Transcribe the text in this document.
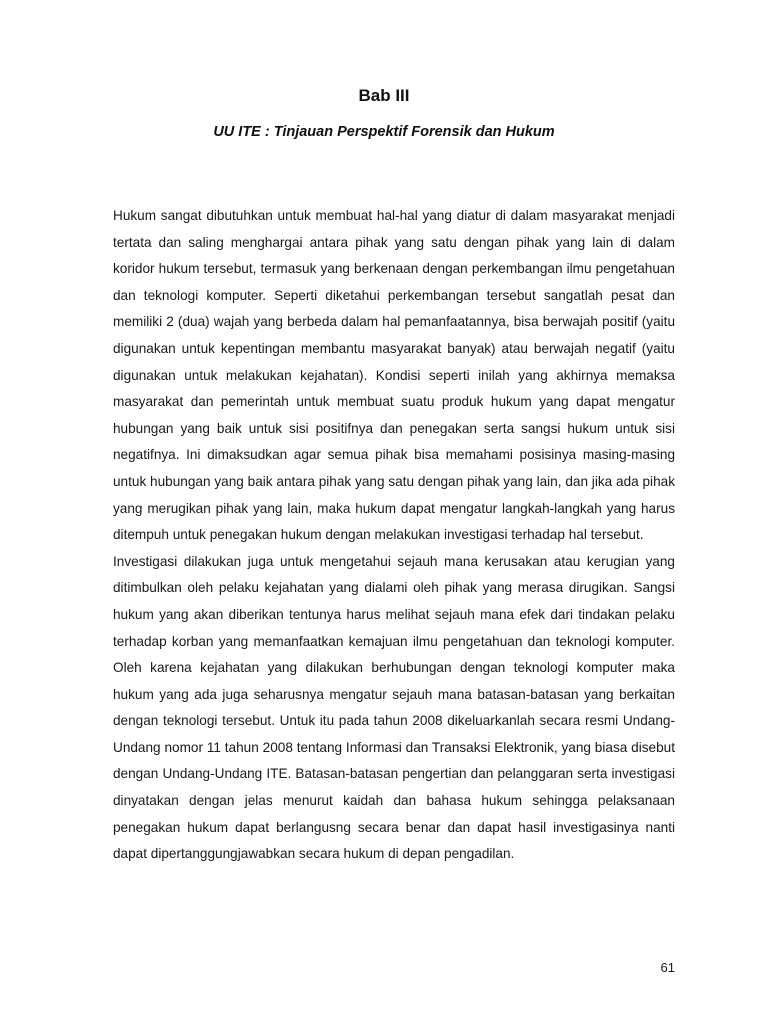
Bab III
UU ITE : Tinjauan Perspektif Forensik dan Hukum

Hukum sangat dibutuhkan untuk membuat hal-hal yang diatur di dalam masyarakat menjadi tertata dan saling menghargai antara pihak yang satu dengan pihak yang lain di dalam koridor hukum tersebut, termasuk yang berkenaan dengan perkembangan ilmu pengetahuan dan teknologi komputer. Seperti diketahui perkembangan tersebut sangatlah pesat dan memiliki 2 (dua) wajah yang berbeda dalam hal pemanfaatannya, bisa berwajah positif (yaitu digunakan untuk kepentingan membantu masyarakat banyak) atau berwajah negatif (yaitu digunakan untuk melakukan kejahatan). Kondisi seperti inilah yang akhirnya memaksa masyarakat dan pemerintah untuk membuat suatu produk hukum yang dapat mengatur hubungan yang baik untuk sisi positifnya dan penegakan serta sangsi hukum untuk sisi negatifnya. Ini dimaksudkan agar semua pihak bisa memahami posisinya masing-masing untuk hubungan yang baik antara pihak yang satu dengan pihak yang lain, dan jika ada pihak yang merugikan pihak yang lain, maka hukum dapat mengatur langkah-langkah yang harus ditempuh untuk penegakan hukum dengan melakukan investigasi terhadap hal tersebut.

Investigasi dilakukan juga untuk mengetahui sejauh mana kerusakan atau kerugian yang ditimbulkan oleh pelaku kejahatan yang dialami oleh pihak yang merasa dirugikan. Sangsi hukum yang akan diberikan tentunya harus melihat sejauh mana efek dari tindakan pelaku terhadap korban yang memanfaatkan kemajuan ilmu pengetahuan dan teknologi komputer. Oleh karena kejahatan yang dilakukan berhubungan dengan teknologi komputer maka hukum yang ada juga seharusnya mengatur sejauh mana batasan-batasan yang berkaitan dengan teknologi tersebut. Untuk itu pada tahun 2008 dikeluarkanlah secara resmi Undang-Undang nomor 11 tahun 2008 tentang Informasi dan Transaksi Elektronik, yang biasa disebut dengan Undang-Undang ITE. Batasan-batasan pengertian dan pelanggaran serta investigasi dinyatakan dengan jelas menurut kaidah dan bahasa hukum sehingga pelaksanaan penegakan hukum dapat berlangusng secara benar dan dapat hasil investigasinya nanti dapat dipertanggungjawabkan secara hukum di depan pengadilan.

61
